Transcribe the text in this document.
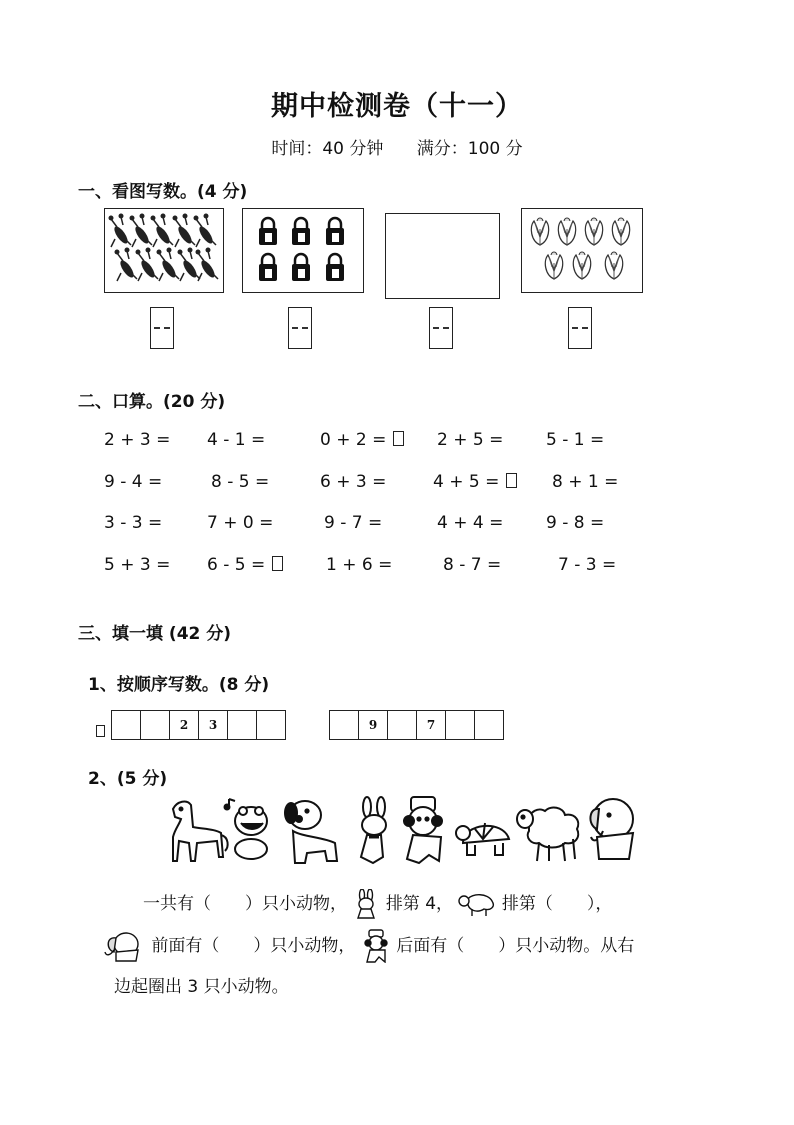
期中检测卷（十一）
时间：40 分钟 满分：100 分
一、看图写数。(4 分)
二、口算。(20 分)
2 + 3 = 4 - 1 =	0 + 2 =	2 + 5 =	5 - 1 =
9 - 4 =	8 - 5 =	6 + 3 =	4 + 5 =	8 + 1 =
3 - 3 =	7 + 0 =	9 - 7 =	4 + 4 =	9 - 8 =
5 + 3 = 6 - 5 =	1 + 6 =	8 - 7 =	7 - 3 =
三、填一填 (42 分)
1、按顺序写数。(8 分)
2	3	9	7
2、(5 分)
一共有（　　）只小动物， 排第 4，	排第（　　），
前面有（　　）只小动物， 后面有（　　）只小动物。从右
边起圈出 3 只小动物。
